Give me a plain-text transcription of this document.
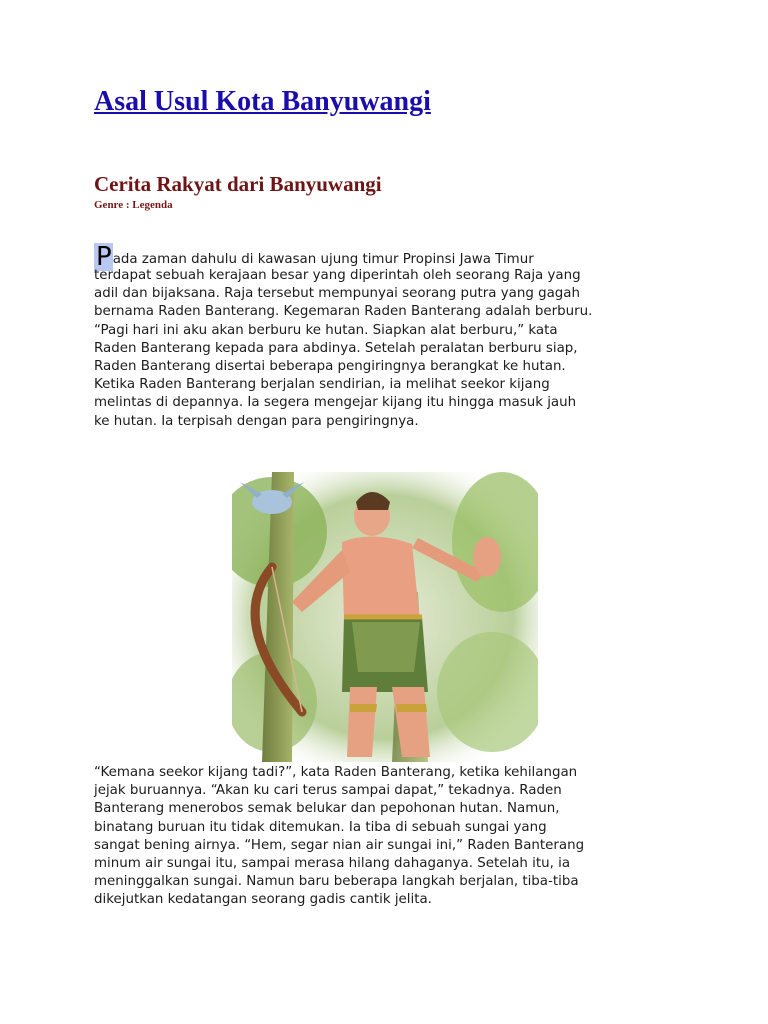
Asal Usul Kota Banyuwangi
Cerita Rakyat dari Banyuwangi

Genre : Legenda

Pada zaman dahulu di kawasan ujung timur Propinsi Jawa Timur
terdapat sebuah kerajaan besar yang diperintah oleh seorang Raja yang
adil dan bijaksana. Raja tersebut mempunyai seorang putra yang gagah
bernama Raden Banterang. Kegemaran Raden Banterang adalah berburu.
“Pagi hari ini aku akan berburu ke hutan. Siapkan alat berburu,” kata
Raden Banterang kepada para abdinya. Setelah peralatan berburu siap,
Raden Banterang disertai beberapa pengiringnya berangkat ke hutan.
Ketika Raden Banterang berjalan sendirian, ia melihat seekor kijang
melintas di depannya. Ia segera mengejar kijang itu hingga masuk jauh
ke hutan. Ia terpisah dengan para pengiringnya.
“Kemana seekor kijang tadi?”, kata Raden Banterang, ketika kehilangan
jejak buruannya. “Akan ku cari terus sampai dapat,” tekadnya. Raden
Banterang menerobos semak belukar dan pepohonan hutan. Namun,
binatang buruan itu tidak ditemukan. Ia tiba di sebuah sungai yang
sangat bening airnya. “Hem, segar nian air sungai ini,” Raden Banterang
minum air sungai itu, sampai merasa hilang dahaganya. Setelah itu, ia
meninggalkan sungai. Namun baru beberapa langkah berjalan, tiba-tiba
dikejutkan kedatangan seorang gadis cantik jelita.
